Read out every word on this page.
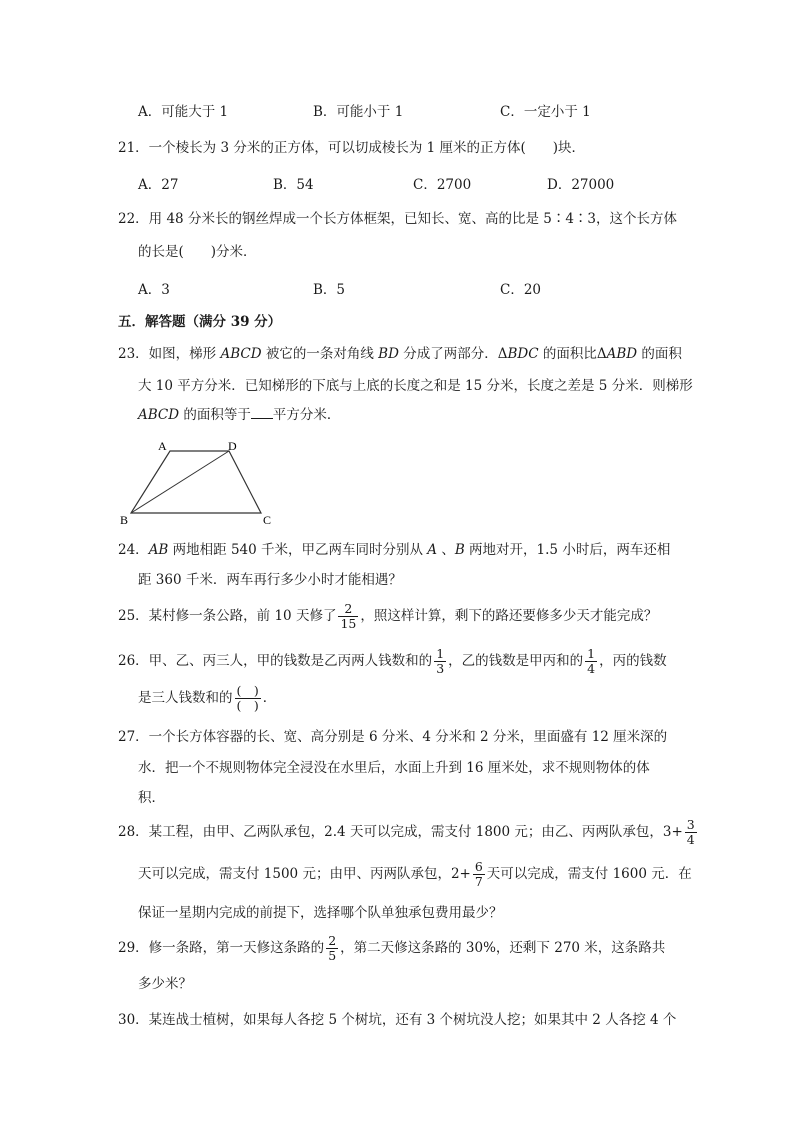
A．可能大于 1	B．可能小于 1	C．一定小于 1
21．一个棱长为 3 分米的正方体，可以切成棱长为 1 厘米的正方体(　　)块．
A．27	B．54	C．2700	D．27000
22．用 48 分米长的钢丝焊成一个长方体框架，已知长、宽、高的比是 5∶4∶3，这个长方体
的长是(　　)分米．
A．3	B．5	C．20
五．解答题（满分 39 分）
23．如图，梯形 ABCD 被它的一条对角线 BD 分成了两部分．ΔBDC 的面积比ΔABD 的面积
大 10 平方分米．已知梯形的下底与上底的长度之和是 15 分米，长度之差是 5 分米．则梯形
ABCD 的面积等于 平方分米．
A	D
B	C
24．AB 两地相距 540 千米，甲乙两车同时分别从 A 、B 两地对开，1.5 小时后，两车还相
距 360 千米．两车再行多少小时才能相遇？
25．某村修一条公路，前 10 天修了 $\frac{2}{15}$ ，照这样计算，剩下的路还要修多少天才能完成？
26．甲、乙、丙三人，甲的钱数是乙丙两人钱数和的 $\frac{1}{3}$ ，乙的钱数是甲丙和的 $\frac{1}{4}$ ，丙的钱数
是三人钱数和的 $\frac{( )}{( )}$ ．
27．一个长方体容器的长、宽、高分别是 6 分米、4 分米和 2 分米，里面盛有 12 厘米深的
水．把一个不规则物体完全浸没在水里后，水面上升到 16 厘米处，求不规则物体的体
积．
28．某工程，由甲、乙两队承包，2.4 天可以完成，需支付 1800 元；由乙、丙两队承包，$3+ \frac{3}{4}$
天可以完成，需支付 1500 元；由甲、丙两队承包，$2+ \frac{6}{7}$ 天可以完成，需支付 1600 元．在
保证一星期内完成的前提下，选择哪个队单独承包费用最少？
29．修一条路，第一天修这条路的 $\frac{2}{5}$ ，第二天修这条路的 30%，还剩下 270 米，这条路共
多少米？
30．某连战士植树，如果每人各挖 5 个树坑，还有 3 个树坑没人挖；如果其中 2 人各挖 4 个
